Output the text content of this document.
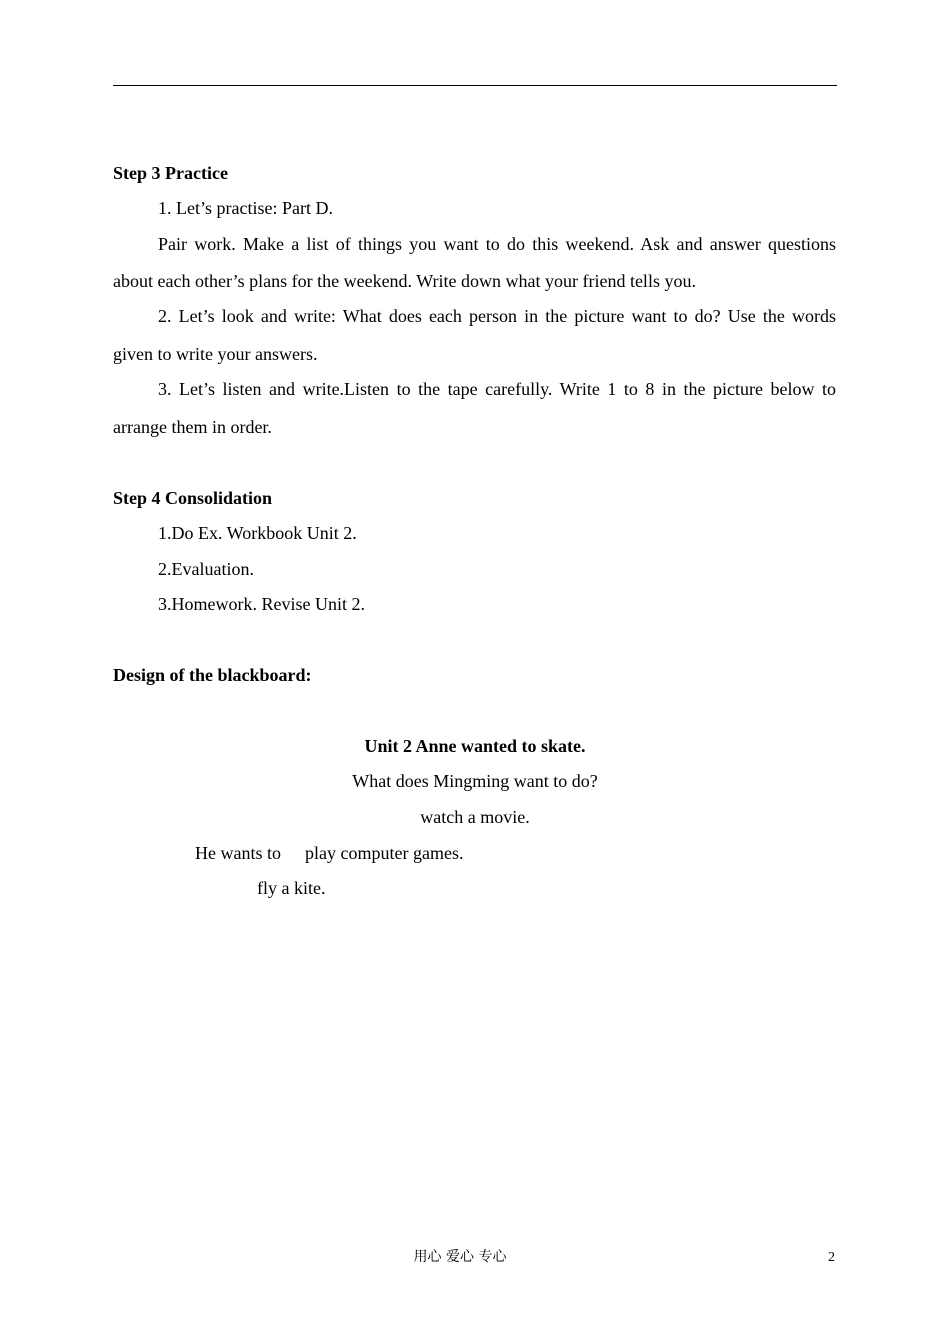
Step 3 Practice
1. Let’s practise: Part D.
Pair work. Make a list of things you want to do this weekend. Ask and answer questions
about each other’s plans for the weekend. Write down what your friend tells you.
2. Let’s look and write: What does each person in the picture want to do? Use the words
given to write your answers.
3. Let’s listen and write.Listen to the tape carefully. Write 1 to 8 in the picture below to
arrange them in order.
Step 4 Consolidation
1.Do Ex. Workbook Unit 2.
2.Evaluation.
3.Homework. Revise Unit 2.
Design of the blackboard:
Unit 2 Anne wanted to skate.
What does Mingming want to do?
watch a movie.
He wants to play computer games.
fly a kite.
用心 爱心 专心	2
